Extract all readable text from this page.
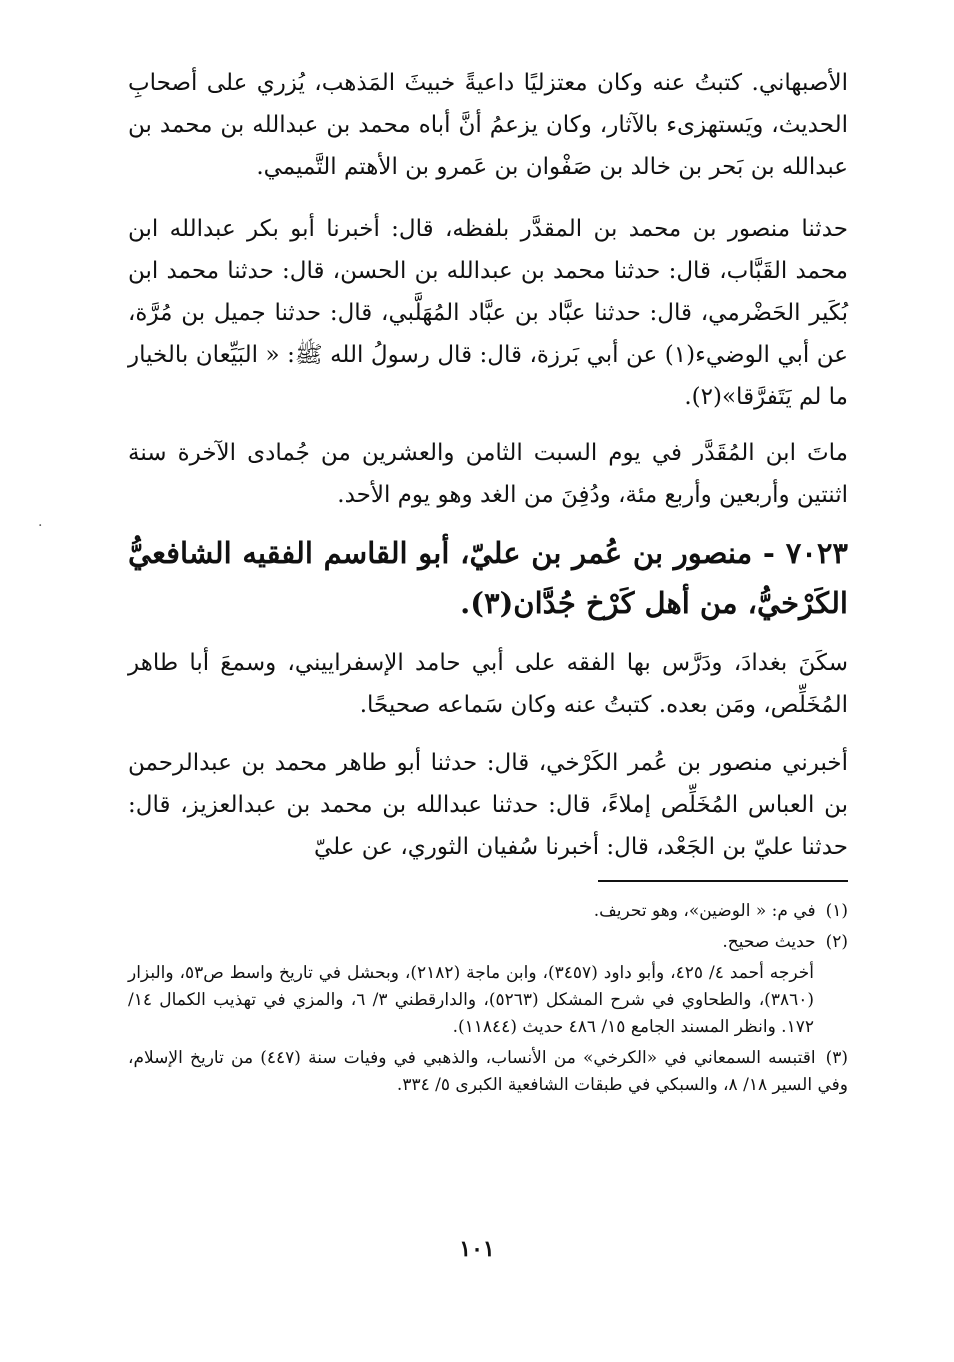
الأصبهاني. كتبتُ عنه وكان معتزليًا داعيةً خبيثَ المَذهب، يُزري على أصحابِ الحديث، ويَستهزىء بالآثار، وكان يزعمُ أنَّ أباه محمد بن عبدالله بن محمد بن عبدالله بن بَحر بن خالد بن صَفْوان بن عَمرو بن الأهتم التَّميمي.

حدثنا منصور بن محمد بن المقدَّر بلفظه، قال: أخبرنا أبو بكر عبدالله ابن محمد القَبَّاب، قال: حدثنا محمد بن عبدالله بن الحسن، قال: حدثنا محمد ابن بُكَير الحَضْرمي، قال: حدثنا عبَّاد بن عبَّاد المُهَلَّبي، قال: حدثنا جميل بن مُرَّة، عن أبي الوضيء(١) عن أبي بَرزة، قال: قال رسولُ الله ﷺ: « البَيِّعان بالخيار ما لم يَتَفرَّقا»(٢).

ماتَ ابن المُقَدَّر في يوم السبت الثامن والعشرين من جُمادى الآخرة سنة اثنتين وأربعين وأربع مئة، ودُفِنَ من الغد وهو يوم الأحد.

٧٠٢٣ - منصور بن عُمر بن عليّ، أبو القاسم الفقيه الشافعيُّ الكَرْخيُّ، من أهل كَرْخ جُدَّان(٣).

سكَنَ بغدادَ، ودَرَّس بها الفقه على أبي حامد الإسفراييني، وسمعَ أبا طاهر المُخَلِّص، ومَن بعده. كتبتُ عنه وكان سَماعه صحيحًا.

أخبرني منصور بن عُمر الكَرْخي، قال: حدثنا أبو طاهر محمد بن عبدالرحمن بن العباس المُخَلِّص إملاءً، قال: حدثنا عبدالله بن محمد بن عبدالعزيز، قال: حدثنا عليّ بن الجَعْد، قال: أخبرنا سُفيان الثوري، عن عليّ

(١)في م: « الوضين»، وهو تحريف.

(٢)حديث صحيح.

أخرجه أحمد ٤/ ٤٢٥، وأبو داود (٣٤٥٧)، وابن ماجة (٢١٨٢)، وبحشل في تاريخ واسط ص٥٣، والبزار (٣٨٦٠)، والطحاوي في شرح المشكل (٥٢٦٣)، والدارقطني ٣/ ٦، والمزي في تهذيب الكمال ١٤/ ١٧٢. وانظر المسند الجامع ١٥/ ٤٨٦ حديث (١١٨٤٤).

(٣)اقتبسه السمعاني في «الكرخي» من الأنساب، والذهبي في وفيات سنة (٤٤٧) من تاريخ الإسلام، وفي السير ١٨/ ٨، والسبكي في طبقات الشافعية الكبرى ٥/ ٣٣٤.

١٠١
.
